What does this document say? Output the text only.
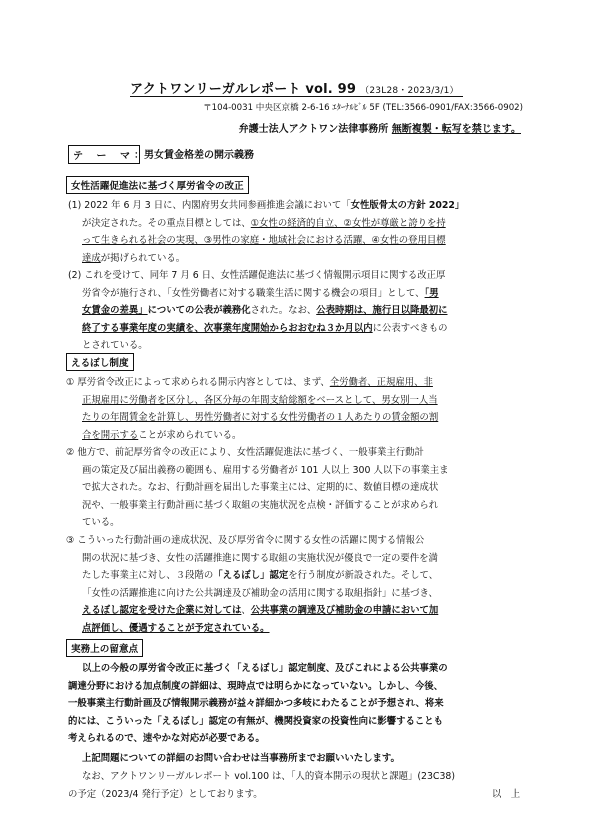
アクトワンリーガルレポート vol. 99 （23L28・2023/3/1）
〒104-0031 中央区京橋 2-6-16 ｴﾀｰﾅﾙﾋﾞﾙ 5F (TEL:3566-0901/FAX:3566-0902)
弁護士法人アクトワン法律事務所 無断複製・転写を禁じます。
テ ー マ ：男女賃金格差の開示義務
女性活躍促進法に基づく厚労省令の改正
(1) 2022 年 6 月 3 日に、内閣府男女共同参画推進会議において「女性版骨太の方針 2022」
が決定された。その重点目標としては、①女性の経済的自立、②女性が尊厳と誇りを持
って生きられる社会の実現、③男性の家庭・地域社会における活躍、④女性の登用目標
達成が掲げられている。
(2) これを受けて、同年 7 月 6 日、女性活躍促進法に基づく情報開示項目に関する改正厚
労省令が施行され、「女性労働者に対する職業生活に関する機会の項目」として、「男
女賃金の差異」についての公表が義務化された。なお、公表時期は、施行日以降最初に
終了する事業年度の実績を、次事業年度開始からおおむね３か月以内に公表すべきもの
とされている。
えるぼし制度
① 厚労省令改正によって求められる開示内容としては、まず、全労働者、正規雇用、非
正規雇用に労働者を区分し、各区分毎の年間支給総額をベースとして、男女別一人当
たりの年間賃金を計算し、男性労働者に対する女性労働者の１人あたりの賃金額の割
合を開示することが求められている。
② 他方で、前記厚労省令の改正により、女性活躍促進法に基づく、一般事業主行動計
画の策定及び届出義務の範囲も、雇用する労働者が 101 人以上 300 人以下の事業主ま
で拡大された。なお、行動計画を届出した事業主には、定期的に、数値目標の達成状
況や、一般事業主行動計画に基づく取組の実施状況を点検・評価することが求められ
ている。
③ こういった行動計画の達成状況、及び厚労省令に関する女性の活躍に関する情報公
開の状況に基づき、女性の活躍推進に関する取組の実施状況が優良で一定の要件を満
たした事業主に対し、３段階の「えるぼし」認定を行う制度が新設された。そして、
「女性の活躍推進に向けた公共調達及び補助金の活用に関する取組指針」に基づき、
えるぼし認定を受けた企業に対しては、公共事業の調達及び補助金の申請において加
点評価し、優遇することが予定されている。
実務上の留意点
以上の今般の厚労省令改正に基づく「えるぼし」認定制度、及びこれによる公共事業の
調達分野における加点制度の詳細は、現時点では明らかになっていない。しかし、今後、
一般事業主行動計画及び情報開示義務が益々詳細かつ多岐にわたることが予想され、将来
的には、こういった「えるぼし」認定の有無が、機関投資家の投資性向に影響することも
考えられるので、速やかな対応が必要である。
上記問題についての詳細のお問い合わせは当事務所までお願いいたします。
なお、アクトワンリーガルレポート vol.100 は、「人的資本開示の現状と課題」(23C38)
の予定（2023/4 発行予定）としております。	以　上
